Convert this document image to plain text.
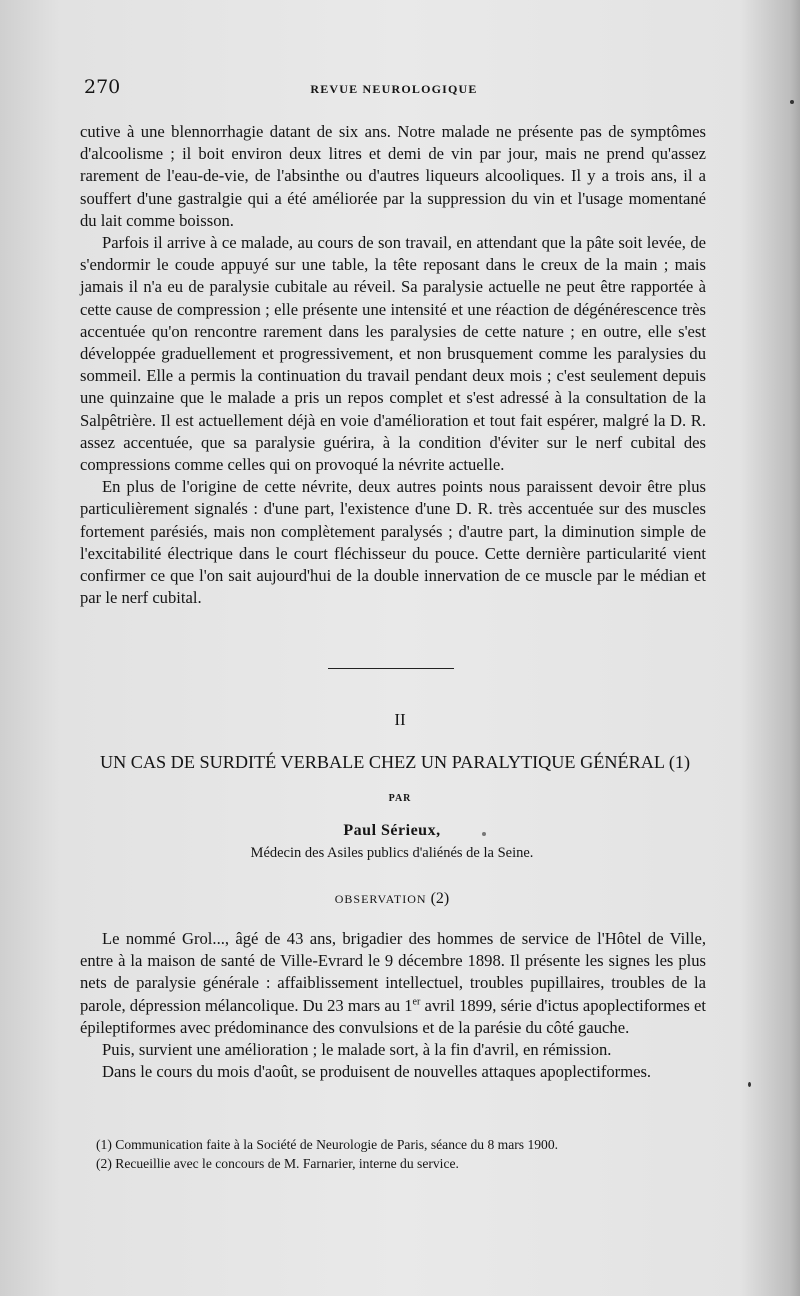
270	REVUE NEUROLOGIQUE

cutive à une blennorrhagie datant de six ans. Notre malade ne présente pas de symptômes d'alcoolisme ; il boit environ deux litres et demi de vin par jour, mais ne prend qu'assez rarement de l'eau-de-vie, de l'absinthe ou d'autres liqueurs alcooliques. Il y a trois ans, il a souffert d'une gastralgie qui a été améliorée par la suppression du vin et l'usage momentané du lait comme boisson.

Parfois il arrive à ce malade, au cours de son travail, en attendant que la pâte soit levée, de s'endormir le coude appuyé sur une table, la tête reposant dans le creux de la main ; mais jamais il n'a eu de paralysie cubitale au réveil. Sa paralysie actuelle ne peut être rapportée à cette cause de compression ; elle présente une intensité et une réaction de dégénérescence très accentuée qu'on rencontre rarement dans les paralysies de cette nature ; en outre, elle s'est développée graduellement et progressivement, et non brusquement comme les paralysies du sommeil. Elle a permis la continuation du travail pendant deux mois ; c'est seulement depuis une quinzaine que le malade a pris un repos complet et s'est adressé à la consultation de la Salpêtrière. Il est actuellement déjà en voie d'amélioration et tout fait espérer, malgré la D. R. assez accentuée, que sa paralysie guérira, à la condition d'éviter sur le nerf cubital des compressions comme celles qui on provoqué la névrite actuelle.

En plus de l'origine de cette névrite, deux autres points nous paraissent devoir être plus particulièrement signalés : d'une part, l'existence d'une D. R. très accentuée sur des muscles fortement parésiés, mais non complètement paralysés ; d'autre part, la diminution simple de l'excitabilité électrique dans le court fléchisseur du pouce. Cette dernière particularité vient confirmer ce que l'on sait aujourd'hui de la double innervation de ce muscle par le médian et par le nerf cubital.

II
UN CAS DE SURDITÉ VERBALE CHEZ UN PARALYTIQUE GÉNÉRAL (1)
PAR
Paul Sérieux,
Médecin des Asiles publics d'aliénés de la Seine.
OBSERVATION (2)

Le nommé Grol..., âgé de 43 ans, brigadier des hommes de service de l'Hôtel de Ville, entre à la maison de santé de Ville-Evrard le 9 décembre 1898. Il présente les signes les plus nets de paralysie générale : affaiblissement intellectuel, troubles pupillaires, troubles de la parole, dépression mélancolique. Du 23 mars au 1er avril 1899, série d'ictus apoplectiformes et épileptiformes avec prédominance des convulsions et de la parésie du côté gauche.

Puis, survient une amélioration ; le malade sort, à la fin d'avril, en rémission.

Dans le cours du mois d'août, se produisent de nouvelles attaques apoplectiformes.

(1) Communication faite à la Société de Neurologie de Paris, séance du 8 mars 1900.
(2) Recueillie avec le concours de M. Farnarier, interne du service.
